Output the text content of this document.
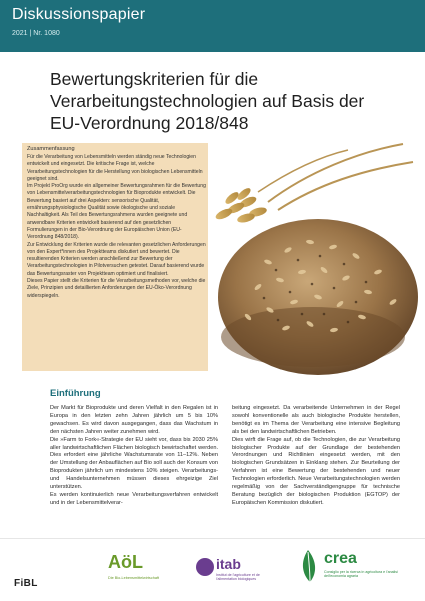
Diskussionspapier
2021 | Nr. 1080
Bewertungskriterien für die Verarbeitungstechnologien auf Basis der EU-Verordnung 2018/848
Zusammenfassung

Für die Verarbeitung von Lebensmitteln werden ständig neue Technologien entwickelt und eingesetzt. Die kritische Frage ist, welche Verarbeitungstechnologien für die Herstellung von biologischen Lebensmitteln geeignet sind.

Im Projekt ProOrg wurde ein allgemeiner Bewertungsrahmen für die Bewertung von Lebensmittelverarbeitungstechnologien für Bioprodukte entwickelt. Die Bewertung basiert auf drei Aspekten: sensorische Qualität, ernährungsphysiologische Qualität sowie ökologische und soziale Nachhaltigkeit. Als Teil des Bewertungsrahmens wurden geeignete und anwendbare Kriterien entwickelt basierend auf den gesetzlichen Formulierungen in der Bio-Verordnung der Europäischen Union (EU-Verordnung 848/2018).

Zur Entwicklung der Kriterien wurde die relevanten gesetzlichen Anforderungen von den Expert*innen des Projektteams diskutiert und bewertet. Die resultierenden Kriterien werden anschließend zur Bewertung der Verarbeitungstechnologien in Pilotversuchen getestet. Darauf basierend wurde das Bewertungsraster von Projektteam optimiert und finalisiert.

Dieses Papier stellt die Kriterien für die Verarbeitungsmethoden vor, welche die Ziele, Prinzipien und detaillierten Anforderungen der EU-Öko-Verordnung widerspiegeln.

Einführung

Der Markt für Bioprodukte und deren Vielfalt in den Regalen ist in Europa in den letzten zehn Jahren jährlich um 5 bis 10% gewachsen. Es wird davon ausgegangen, dass das Wachstum in den nächsten Jahren weiter zunehmen wird.

Die »Farm to Fork«-Strategie der EU sieht vor, dass bis 2030 25% aller landwirtschaftlichen Flächen biologisch bewirtschaftet werden. Dies erfordert eine jährliche Wachstumsrate von 11–12%. Neben der Umstellung der Anbauflächen auf Bio soll auch der Konsum von Bioprodukten jährlich um mindestens 10% steigen. Verarbeitungs- und Handelsunternehmen müssen dieses ehrgeizige Ziel unterstützen.

Es werden kontinuierlich neue Verarbeitungsverfahren entwickelt und in der Lebensmittelverar-

beitung eingesetzt. Da verarbeitende Unternehmen in der Regel sowohl konventionelle als auch biologische Produkte herstellen, benötigt es im Thema der Verarbeitung eine intensive Begleitung als bei den landwirtschaftlichen Betrieben.

Dies wirft die Frage auf, ob die Technologien, die zur Verarbeitung biologischer Produkte auf der Grundlage der bestehenden Verordnungen und Richtlinien eingesetzt werden, mit den biologischen Grundsätzen in Einklang stehen. Zur Beurteilung der Verfahren ist eine Bewertung der bestehenden und neuer Technologien erforderlich. Neue Verarbeitungstechnologien werden regelmäßig von der Sachverständigengruppe für technische Beratung bezüglich der biologischen Produktion (EGTOP) der Europäischen Kommission diskutiert.

FiBL
AöL
Die Bio-Lebensmittelwirtschaft
itab
Institut de l'agriculture et de l'alimentation biologiques
crea
Consiglio per la ricerca in agricoltura e l'analisi dell'economia agraria
